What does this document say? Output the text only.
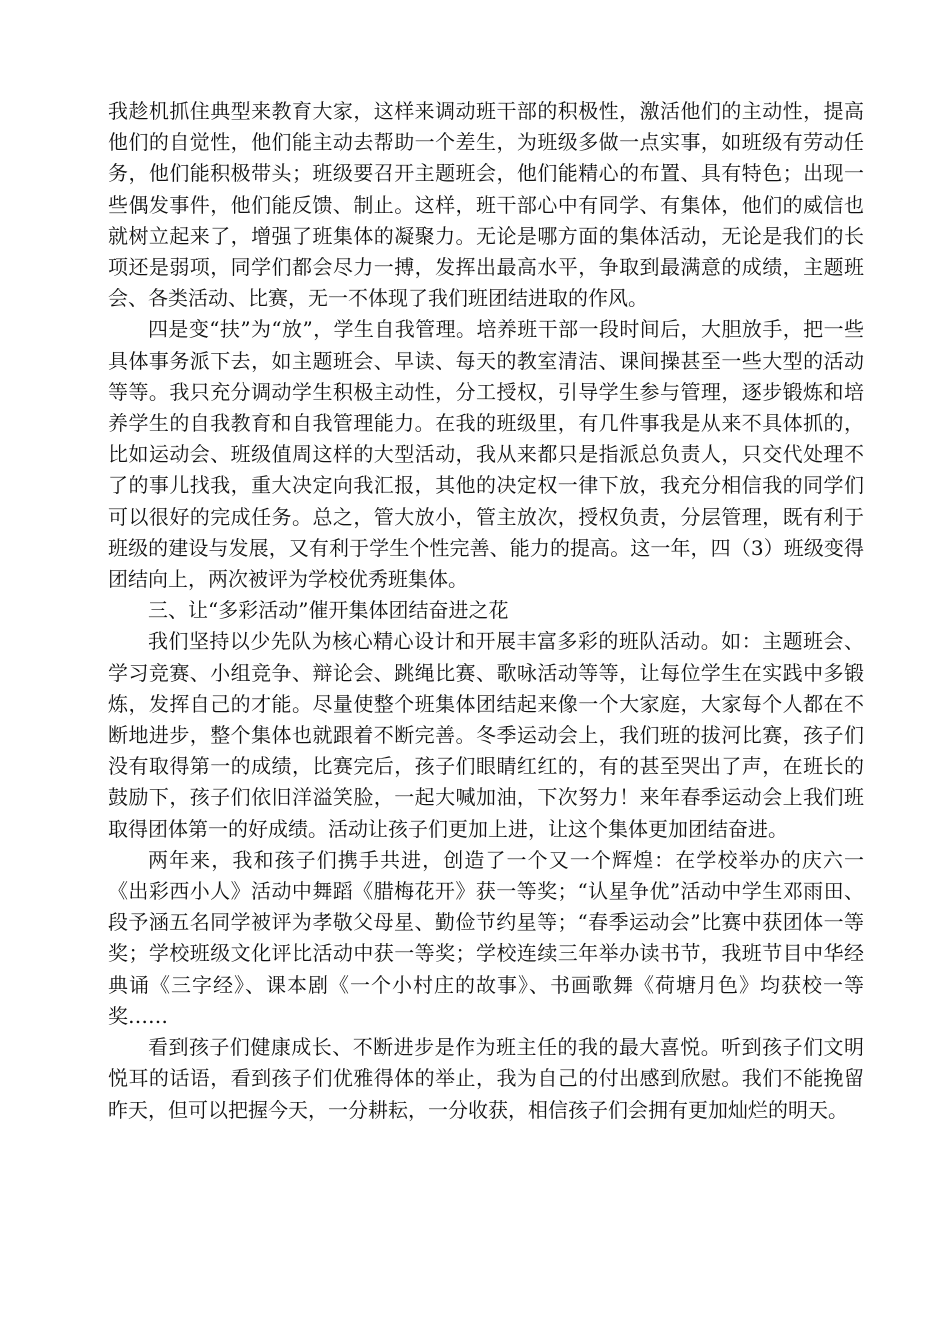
我趁机抓住典型来教育大家，这样来调动班干部的积极性，激活他们的主动性，提高他们的自觉性，他们能主动去帮助一个差生，为班级多做一点实事，如班级有劳动任务，他们能积极带头；班级要召开主题班会，他们能精心的布置、具有特色；出现一些偶发事件，他们能反馈、制止。这样，班干部心中有同学、有集体，他们的威信也就树立起来了，增强了班集体的凝聚力。无论是哪方面的集体活动，无论是我们的长项还是弱项，同学们都会尽力一搏，发挥出最高水平，争取到最满意的成绩，主题班会、各类活动、比赛，无一不体现了我们班团结进取的作风。

四是变“扶”为“放”，学生自我管理。培养班干部一段时间后，大胆放手，把一些具体事务派下去，如主题班会、早读、每天的教室清洁、课间操甚至一些大型的活动等等。我只充分调动学生积极主动性，分工授权，引导学生参与管理，逐步锻炼和培养学生的自我教育和自我管理能力。在我的班级里，有几件事我是从来不具体抓的，比如运动会、班级值周这样的大型活动，我从来都只是指派总负责人，只交代处理不了的事儿找我，重大决定向我汇报，其他的决定权一律下放，我充分相信我的同学们可以很好的完成任务。总之，管大放小，管主放次，授权负责，分层管理，既有利于班级的建设与发展，又有利于学生个性完善、能力的提高。这一年，四（3）班级变得团结向上，两次被评为学校优秀班集体。

三、让“多彩活动”催开集体团结奋进之花

我们坚持以少先队为核心精心设计和开展丰富多彩的班队活动。如：主题班会、学习竞赛、小组竞争、辩论会、跳绳比赛、歌咏活动等等，让每位学生在实践中多锻炼，发挥自己的才能。尽量使整个班集体团结起来像一个大家庭，大家每个人都在不断地进步，整个集体也就跟着不断完善。冬季运动会上，我们班的拔河比赛，孩子们没有取得第一的成绩，比赛完后，孩子们眼睛红红的，有的甚至哭出了声，在班长的鼓励下，孩子们依旧洋溢笑脸，一起大喊加油，下次努力！来年春季运动会上我们班取得团体第一的好成绩。活动让孩子们更加上进，让这个集体更加团结奋进。

两年来，我和孩子们携手共进，创造了一个又一个辉煌：在学校举办的庆六一《出彩西小人》活动中舞蹈《腊梅花开》获一等奖；“认星争优”活动中学生邓雨田、段予涵五名同学被评为孝敬父母星、勤俭节约星等；“春季运动会”比赛中获团体一等奖；学校班级文化评比活动中获一等奖；学校连续三年举办读书节，我班节目中华经典诵《三字经》、课本剧《一个小村庄的故事》、书画歌舞《荷塘月色》均获校一等奖……

看到孩子们健康成长、不断进步是作为班主任的我的最大喜悦。听到孩子们文明悦耳的话语，看到孩子们优雅得体的举止，我为自己的付出感到欣慰。我们不能挽留昨天，但可以把握今天，一分耕耘，一分收获，相信孩子们会拥有更加灿烂的明天。
